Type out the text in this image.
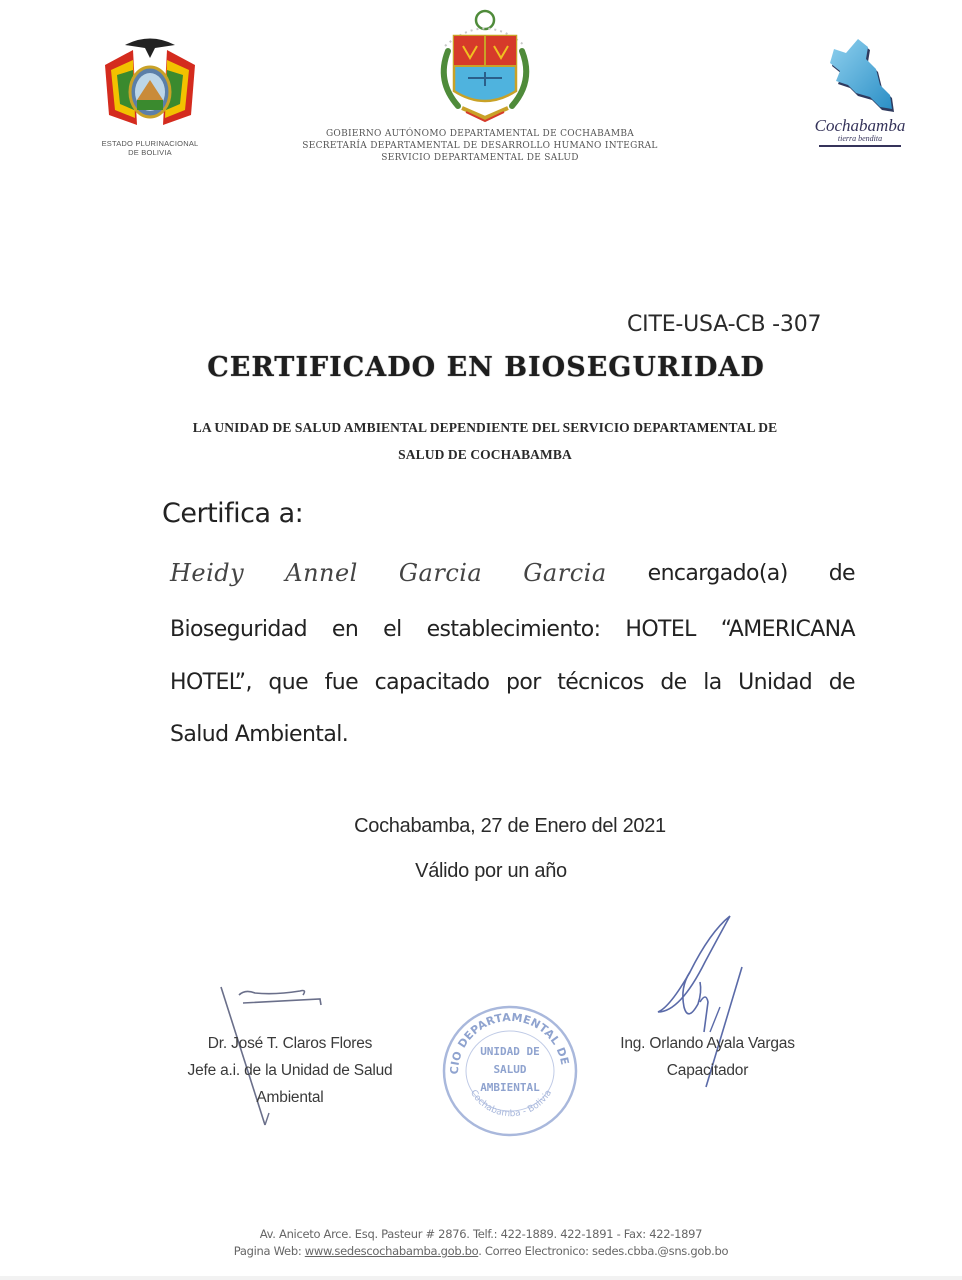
ESTADO PLURINACIONAL
DE BOLIVIA
GOBIERNO AUTÓNOMO DEPARTAMENTAL DE COCHABAMBA
SECRETARÍA DEPARTAMENTAL DE DESARROLLO HUMANO INTEGRAL
SERVICIO DEPARTAMENTAL DE SALUD
Cochabamba
tierra bendita
CITE-USA-CB -307
CERTIFICADO EN BIOSEGURIDAD
LA UNIDAD DE SALUD AMBIENTAL DEPENDIENTE DEL SERVICIO DEPARTAMENTAL DE
SALUD DE COCHABAMBA
Certifica a:
Heidy Annel Garcia Garcia encargado(a) de
Bioseguridad en el establecimiento: HOTEL “AMERICANA
HOTEL”, que fue capacitado por técnicos de la Unidad de
Salud Ambiental.
Cochabamba, 27 de Enero del 2021
Válido por un año
Dr. José T. Claros Flores
Jefe a.i. de la Unidad de Salud
Ambiental
SERVICIO DEPARTAMENTAL DE SALUD
Cochabamba - Bolivia
UNIDAD DE
SALUD
AMBIENTAL
Ing. Orlando Ayala Vargas
Capacitador
Av. Aniceto Arce. Esq. Pasteur # 2876. Telf.: 422-1889. 422-1891 - Fax: 422-1897
Pagina Web: www.sedescochabamba.gob.bo. Correo Electronico: sedes.cbba.@sns.gob.bo
